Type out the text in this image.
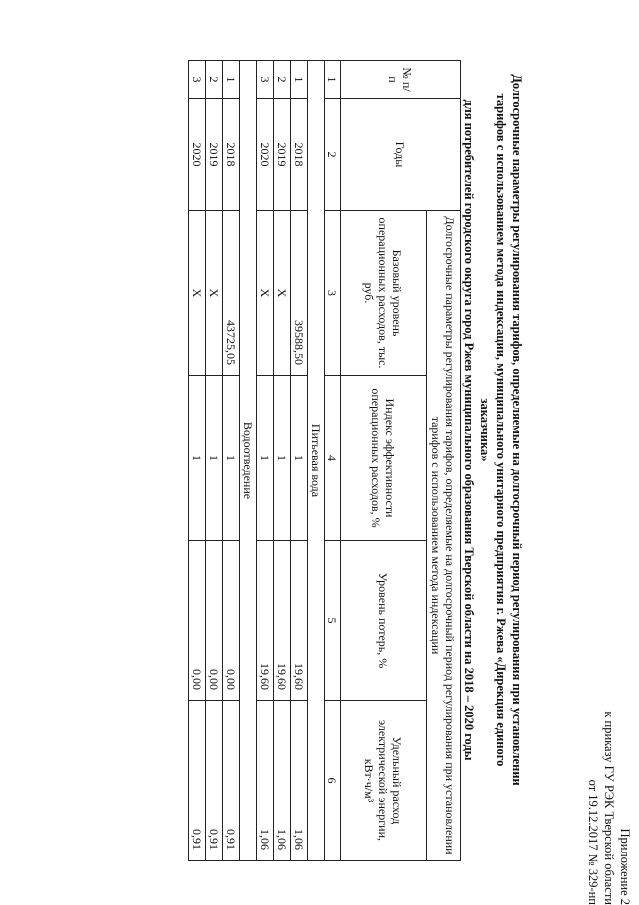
Приложение 2
к приказу ГУ РЭК Тверской области
от 19.12.2017 № 329-нп
Долгосрочные параметры регулирования тарифов, определяемые на долгосрочный период регулирования при установлении
тарифов с использованием метода индексации, муниципального унитарного предприятия г. Ржева «Дирекция единого заказчика»
для потребителей городского округа город Ржев муниципального образования Тверской области на 2018 – 2020 годы
№ п/п	Годы	Долгосрочные параметры регулирования тарифов, определяемые на долгосрочный период регулирования при установлении тарифов с использованием метода индексации			
		Базовый уровень операционных расходов, тыс. руб.	Индекс эффективности операционных расходов, %	Уровень потерь, %	Удельный расход электрической энергии, кВт·ч/м³
1	2	3	4	5	6
Питьевая вода					
1	2018	39588,50	1	19,60	1,06
2	2019	X	1	19,60	1,06
3	2020	X	1	19,60	1,06
Водоотведение					
1	2018	43725,05	1	0,00	0,91
2	2019	X	1	0,00	0,91
3	2020	X	1	0,00	0,91
